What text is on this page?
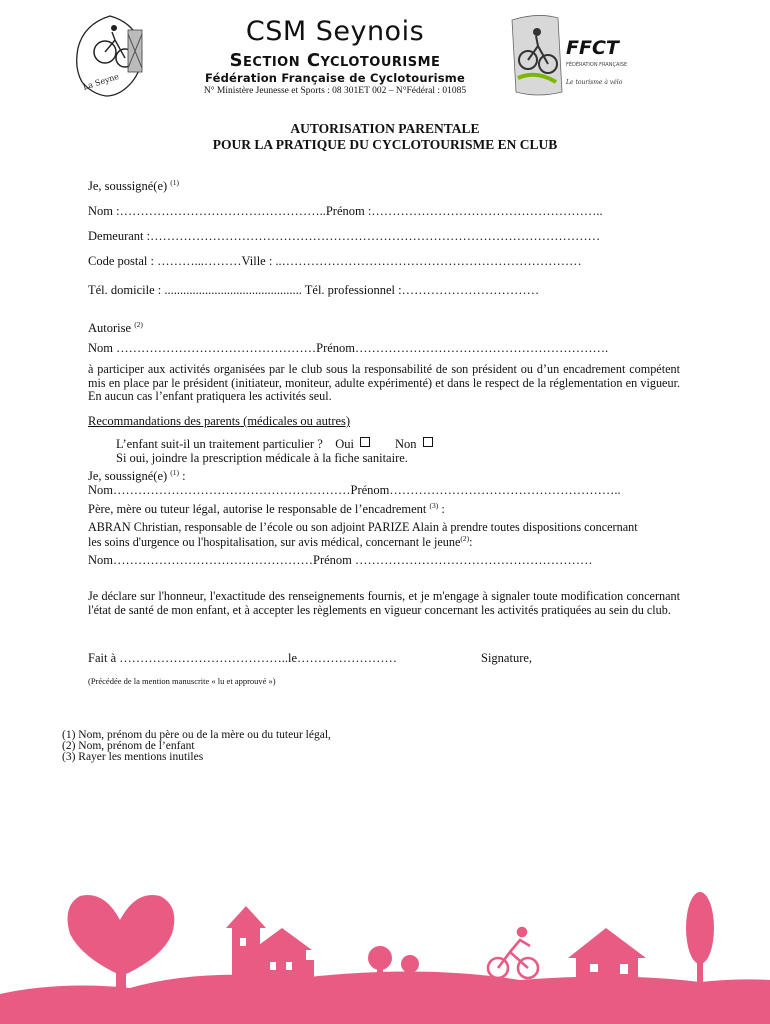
La Seyne
FFCT
FÉDÉRATION FRANÇAISE
Le tourisme à vélo
CSM Seynois
Section Cyclotourisme
Fédération Française de Cyclotourisme
N° Ministère Jeunesse et Sports : 08 301ET 002 – N°Fédéral : 01085
AUTORISATION PARENTALE
POUR LA PRATIQUE DU CYCLOTOURISME EN CLUB
Je, soussigné(e) $^{(1)}$
Nom :…………………………………………..Prénom :………………………………………………..
Demeurant :………………………………………………………………………………………………
Code postal : ………...………Ville : ..………………………………………………………………
Tél. domicile : ............................................ Tél. professionnel :……………………………
Autorise $^{(2)}$
Nom …………………………………………Prénom…………………………………………………….
à participer aux activités organisées par le club sous la responsabilité de son président ou d’un encadrement compétent mis en place par le président (initiateur, moniteur, adulte expérimenté) et dans le respect de la réglementation en vigueur. En aucun cas l’enfant pratiquera les activités seul.
Recommandations des parents (médicales ou autres)
L’enfant suit-il un traitement particulier ? Oui	Non
Si oui, joindre la prescription médicale à la fiche sanitaire.
Je, soussigné(e) $^{(1)}$ :
Nom…………………………………………………Prénom………………………………………………..
Père, mère ou tuteur légal, autorise le responsable de l’encadrement $^{(3)}$ :
ABRAN Christian, responsable de l’école ou son adjoint PARIZE Alain à prendre toutes dispositions concernant
les soins d'urgence ou l'hospitalisation, sur avis médical, concernant le jeune$^{(2)}$:
Nom…………………………………………Prénom …………………………………………………
Je déclare sur l'honneur, l'exactitude des renseignements fournis, et je m'engage à signaler toute modification concernant l'état de santé de mon enfant, et à accepter les règlements en vigueur concernant les activités pratiquées au sein du club.
Fait à …………………………………..le……………………	Signature,
(Précédée de la mention manuscrite « lu et approuvé »)
(1) Nom, prénom du père ou de la mère ou du tuteur légal,
(2) Nom, prénom de l’enfant
(3) Rayer les mentions inutiles
